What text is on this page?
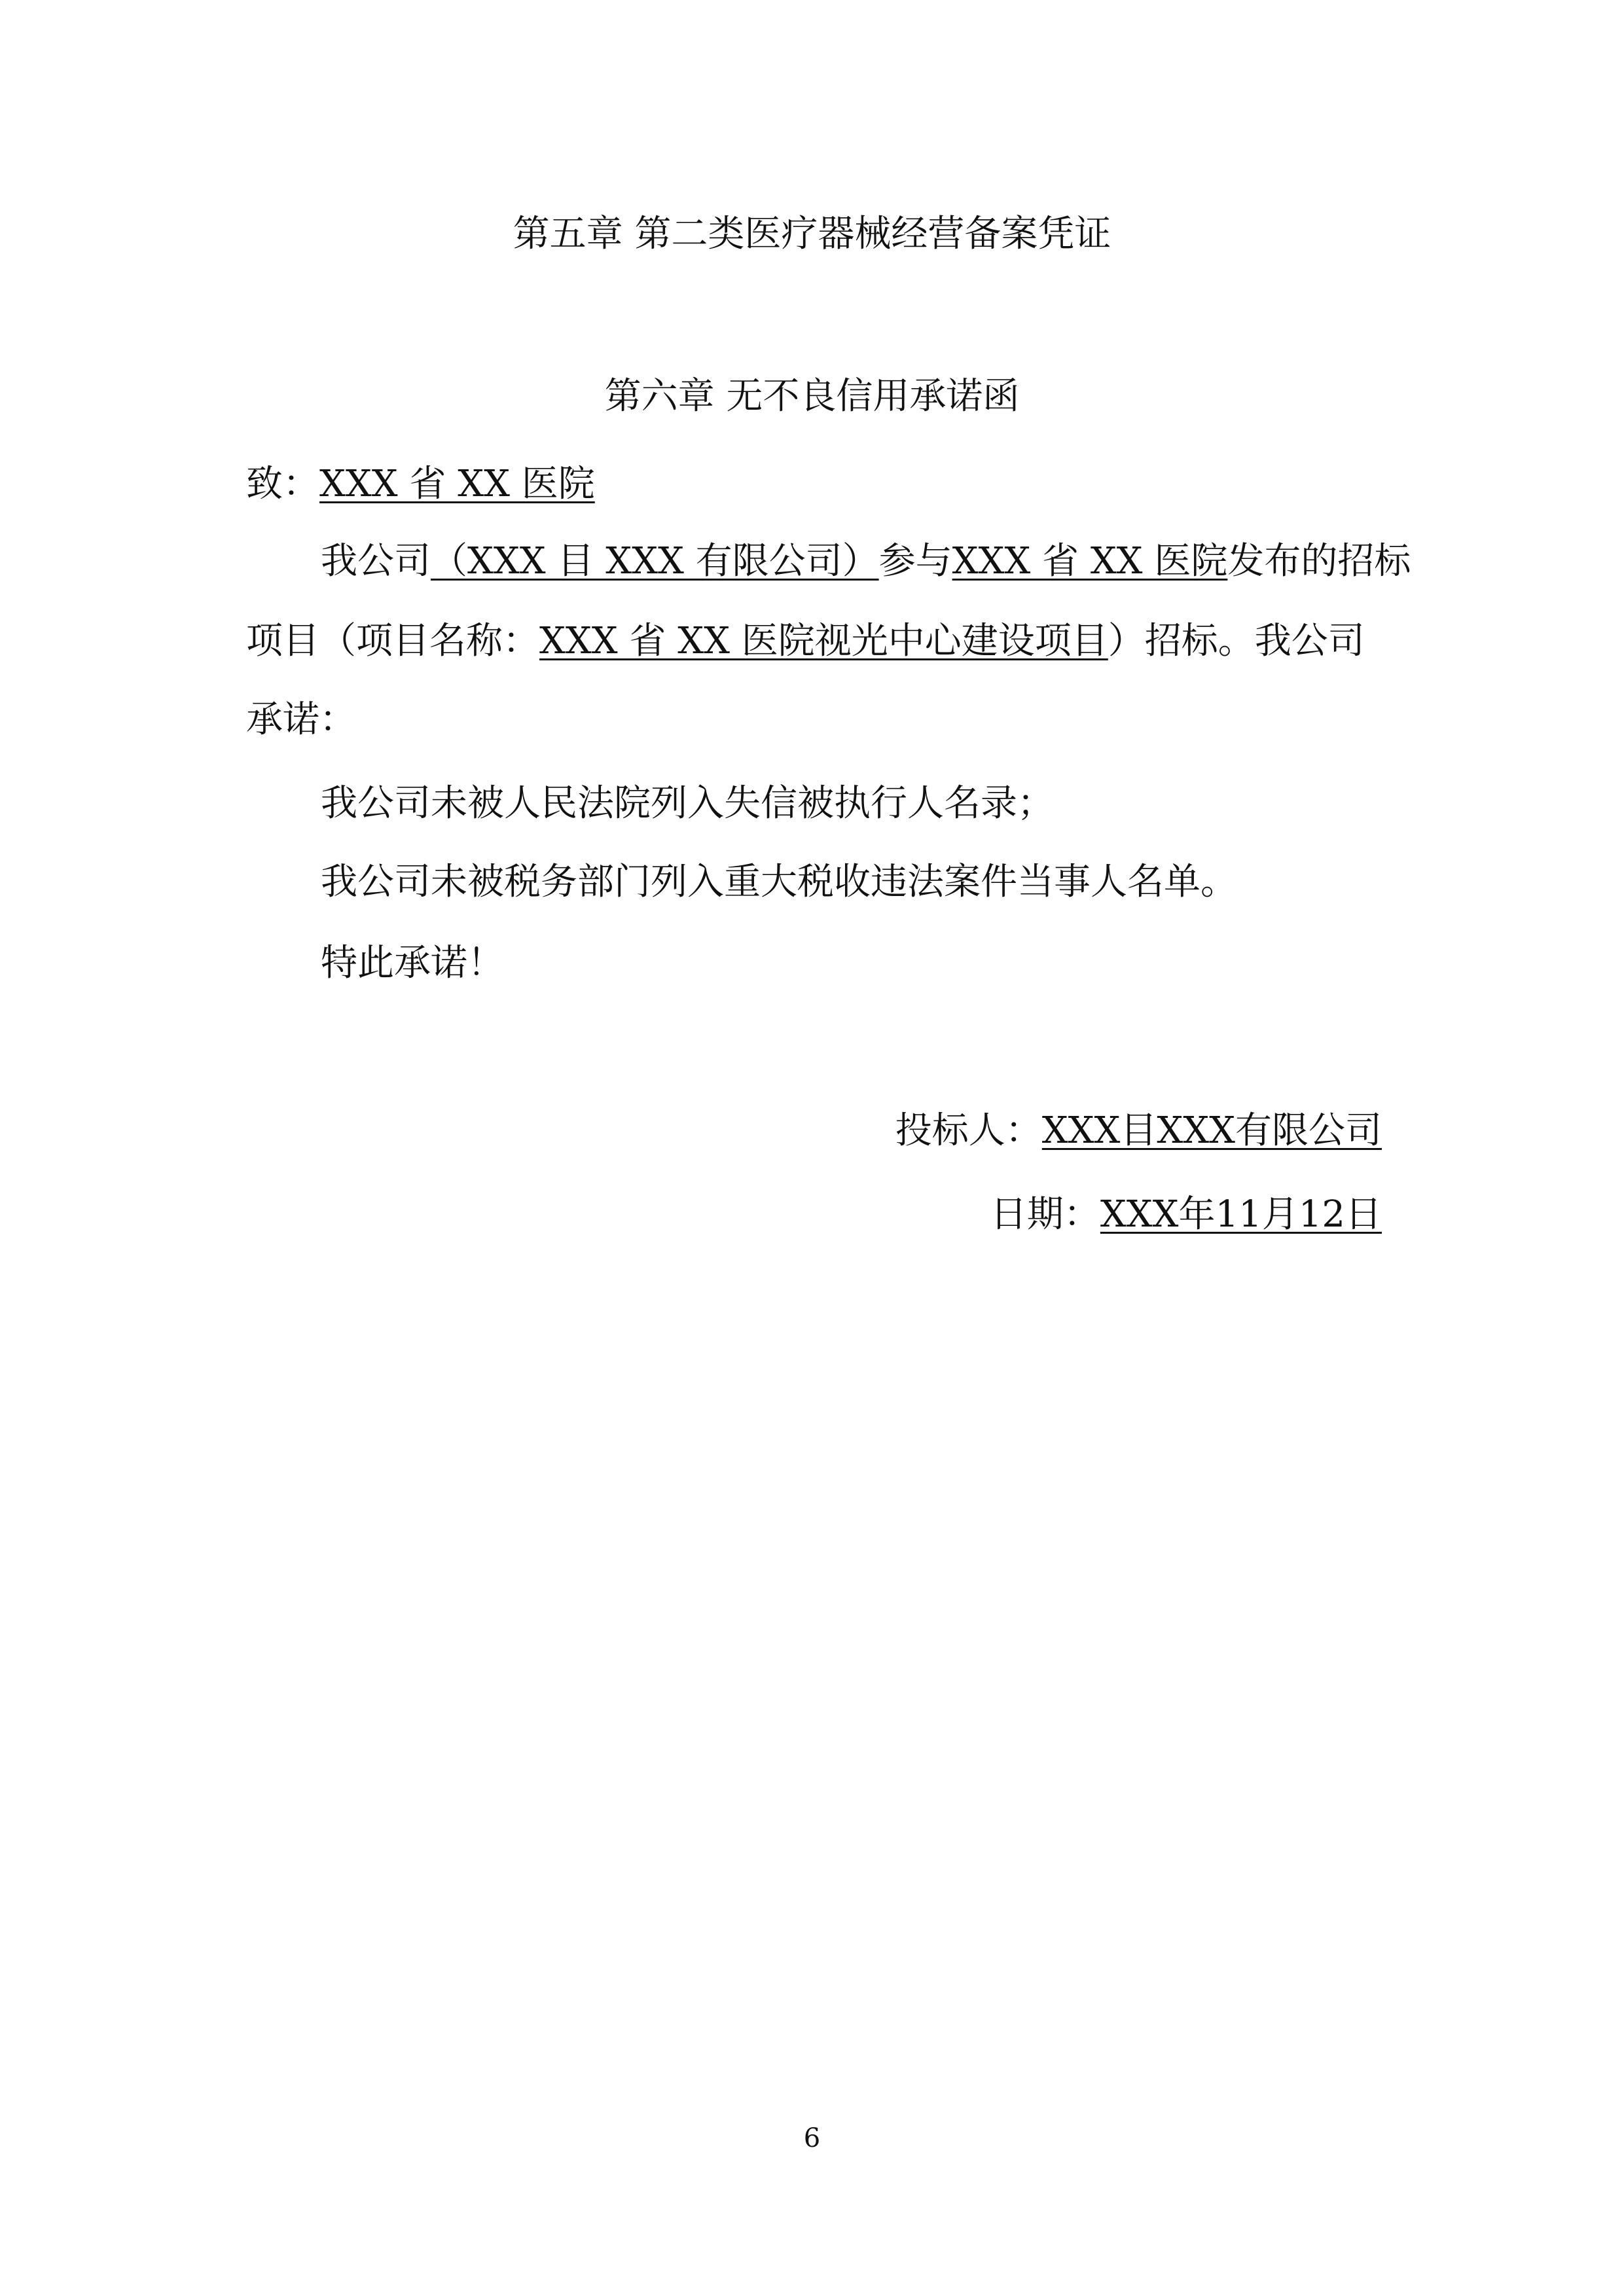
第五章 第二类医疗器械经营备案凭证
第六章 无不良信用承诺函

致：XXX 省 XX 医院

我公司（XXX 目 XXX 有限公司）参与XXX 省 XX 医院发布的招标

项目（项目名称：XXX 省 XX 医院视光中心建设项目）招标。我公司

承诺：

我公司未被人民法院列入失信被执行人名录；

我公司未被税务部门列入重大税收违法案件当事人名单。

特此承诺！

投标人：XXX目XXX有限公司

日期：XXX年11月12日

6
